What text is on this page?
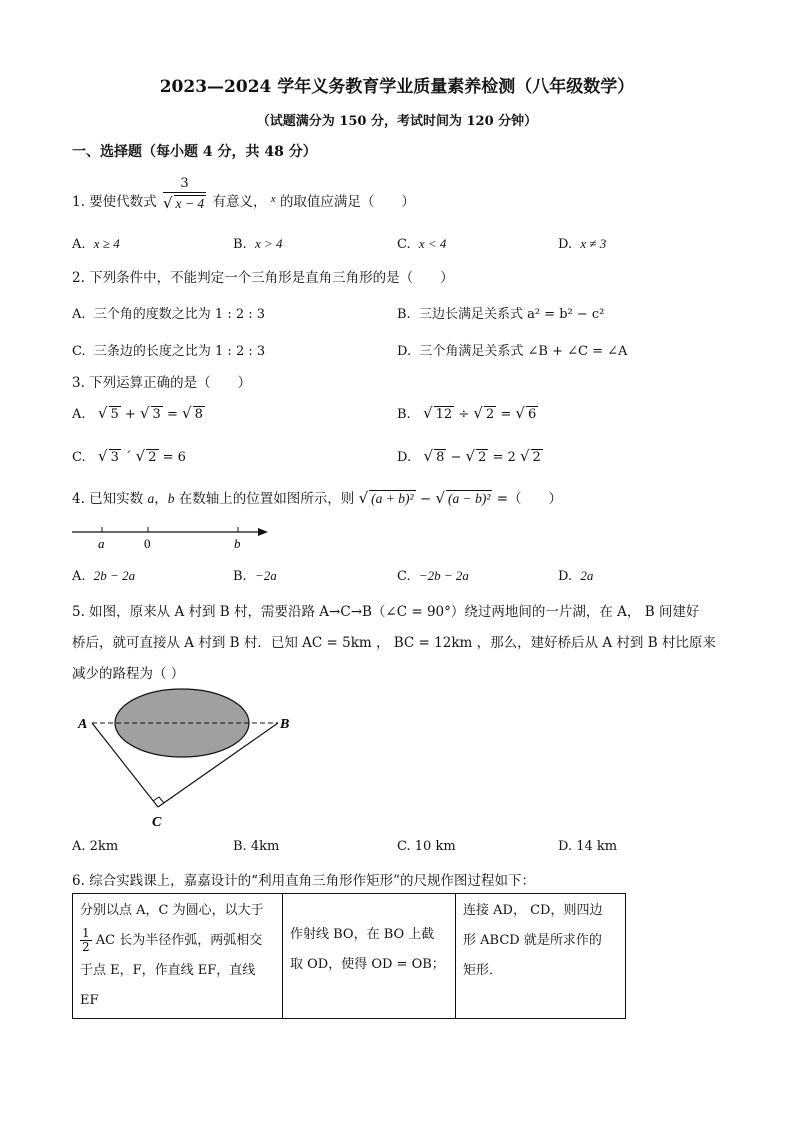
2023—2024 学年义务教育学业质量素养检测（八年级数学）
（试题满分为 150 分，考试时间为 120 分钟）
一、选择题（每小题 4 分，共 48 分）
1. 要使代数式 $\frac{3}{√ x - 4}$ 有意义， x 的取值应满足（　　）
A. x ≥ 4	B. x > 4	C. x < 4	D. x ≠ 3
2. 下列条件中，不能判定一个三角形是直角三角形的是（　　）
A. 三个角的度数之比为 1 : 2 : 3	B. 三边长满足关系式 a² = b² − c²
C. 三条边的长度之比为 1 : 2 : 3	D. 三个角满足关系式 ∠B + ∠C = ∠A
3. 下列运算正确的是（　　）
A. √ 5 + √ 3 = √ 8	B. √ 12 ÷ √ 2 = √ 6
C. √ 3 ´ √ 2 = 6	D. √ 8 − √ 2 = 2 √ 2
4. 已知实数 a，b 在数轴上的位置如图所示，则 √ (a + b)² − √ (a − b)² =（　　）
a	0	b
A. 2b − 2a	B. −2a	C. −2b − 2a	D. 2a
5. 如图，原来从 A 村到 B 村，需要沿路 A→C→B（∠C = 90°）绕过两地间的一片湖，在 A， B 间建好
桥后，就可直接从 A 村到 B 村．已知 AC = 5km ， BC = 12km ，那么，建好桥后从 A 村到 B 村比原来
减少的路程为（ ）
A	B
C
A. 2km	B. 4km	C. 10 km	D. 14 km
6. 综合实践课上，嘉嘉设计的“利用直角三角形作矩形”的尺规作图过程如下：
分别以点 A，C 为圆心，以大于
$\frac{1}{2}$ AC 长为半径作弧，两弧相交
于点 E，F，作直线 EF，直线 EF

作射线 BO，在 BO 上截
取 OD，使得 OD = OB；

连接 AD， CD，则四边
形 ABCD 就是所求作的
矩形．
